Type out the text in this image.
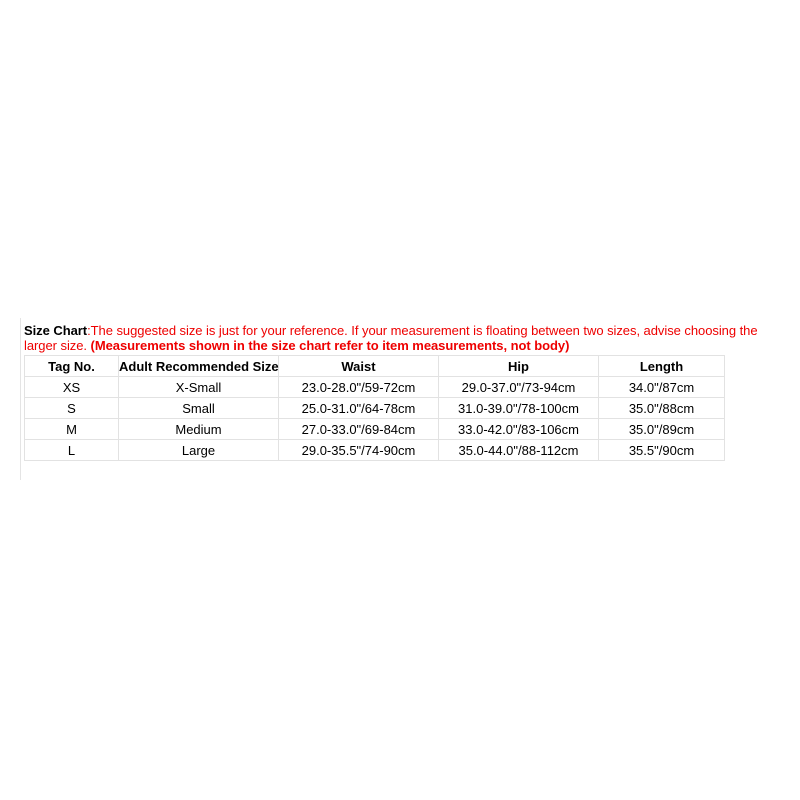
Size Chart:The suggested size is just for your reference. If your measurement is floating between two sizes, advise choosing the larger size. (Measurements shown in the size chart refer to item measurements, not body)

Tag No.	Adult Recommended Size	Waist	Hip	Length
XS	X-Small	23.0-28.0"/59-72cm	29.0-37.0"/73-94cm	34.0"/87cm
S	Small	25.0-31.0"/64-78cm	31.0-39.0"/78-100cm	35.0"/88cm
M	Medium	27.0-33.0"/69-84cm	33.0-42.0"/83-106cm	35.0"/89cm
L	Large	29.0-35.5"/74-90cm	35.0-44.0"/88-112cm	35.5"/90cm
